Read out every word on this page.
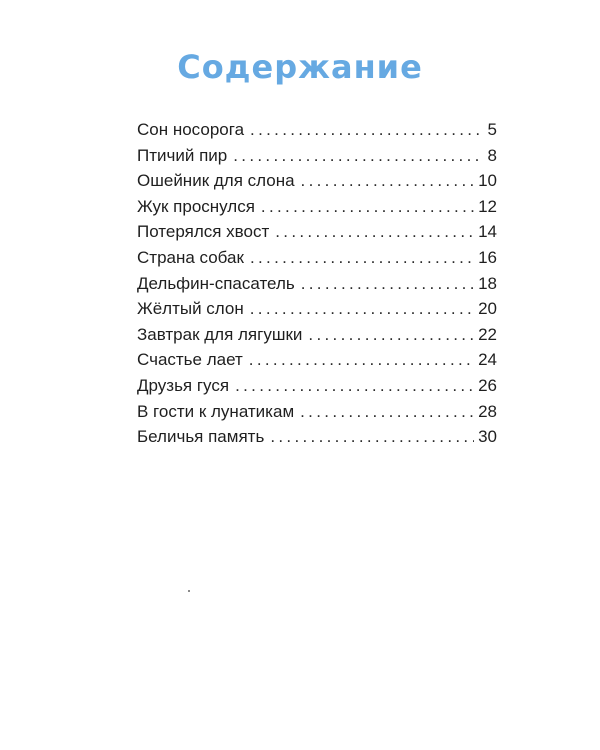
Содержание
Сон носорога . . .	5
Птичий пир . . .	8
Ошейник для слона . . .	10
Жук проснулся . . .	12
Потерялся хвост . . .	14
Страна собак . . .	16
Дельфин-спасатель . . .	18
Жёлтый слон . . .	20
Завтрак для лягушки . . .	22
Счастье лает . . .	24
Друзья гуся . . .	26
В гости к лунатикам . . .	28
Беличья память . . .	30
